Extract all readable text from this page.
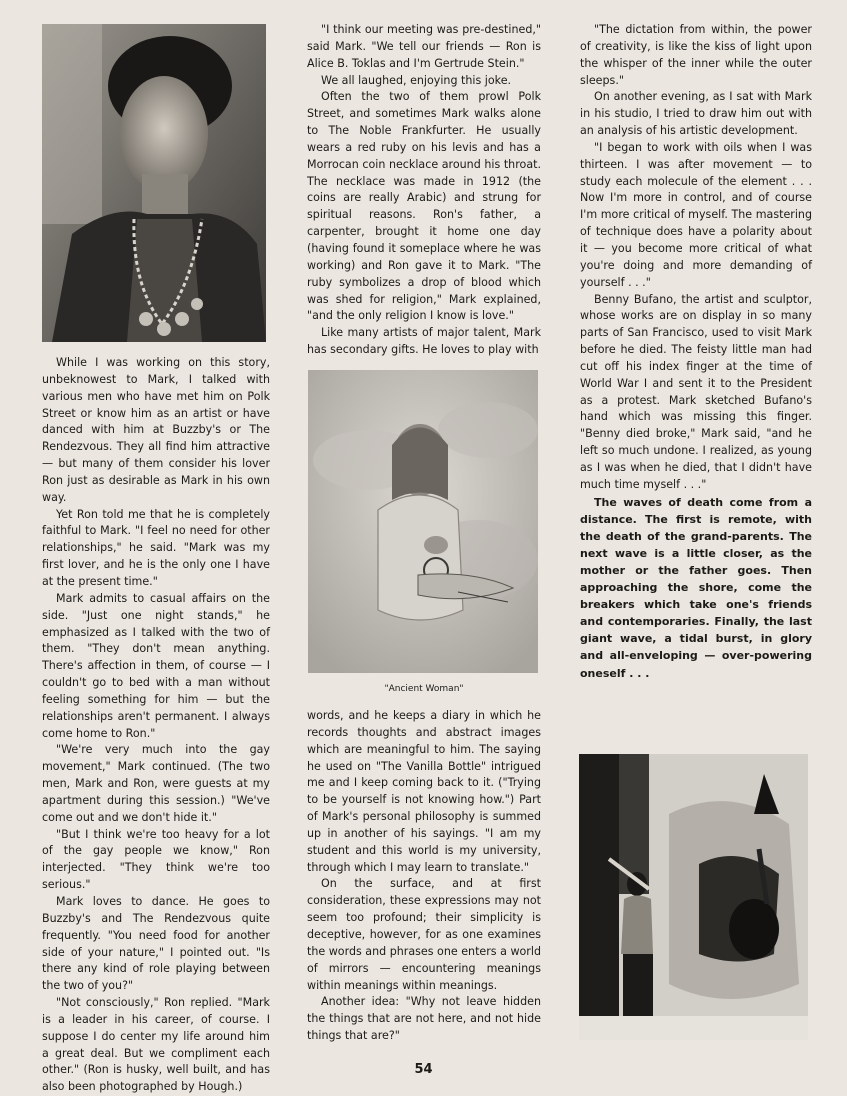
While I was working on this story, unbeknowest to Mark, I talked with various men who have met him on Polk Street or know him as an artist or have danced with him at Buzzby's or The Rendezvous. They all find him attractive — but many of them consider his lover Ron just as desirable as Mark in his own way.

Yet Ron told me that he is completely faithful to Mark. "I feel no need for other relationships," he said. "Mark was my first lover, and he is the only one I have at the present time."

Mark admits to casual affairs on the side. "Just one night stands," he emphasized as I talked with the two of them. "They don't mean anything. There's affection in them, of course — I couldn't go to bed with a man without feeling something for him — but the relationships aren't permanent. I always come home to Ron."

"We're very much into the gay movement," Mark continued. (The two men, Mark and Ron, were guests at my apartment during this session.) "We've come out and we don't hide it."

"But I think we're too heavy for a lot of the gay people we know," Ron interjected. "They think we're too serious."

Mark loves to dance. He goes to Buzzby's and The Rendezvous quite frequently. "You need food for another side of your nature," I pointed out. "Is there any kind of role playing between the two of you?"

"Not consciously," Ron replied. "Mark is a leader in his career, of course. I suppose I do center my life around him a great deal. But we compliment each other." (Ron is husky, well built, and has also been photographed by Hough.)

"I think our meeting was pre-destined," said Mark. "We tell our friends — Ron is Alice B. Toklas and I'm Gertrude Stein."

We all laughed, enjoying this joke.

Often the two of them prowl Polk Street, and sometimes Mark walks alone to The Noble Frankfurter. He usually wears a red ruby on his levis and has a Morrocan coin necklace around his throat. The necklace was made in 1912 (the coins are really Arabic) and strung for spiritual reasons. Ron's father, a carpenter, brought it home one day (having found it someplace where he was working) and Ron gave it to Mark. "The ruby symbolizes a drop of blood which was shed for religion," Mark explained, "and the only religion I know is love."

Like many artists of major talent, Mark has secondary gifts. He loves to play with

"Ancient Woman"

words, and he keeps a diary in which he records thoughts and abstract images which are meaningful to him. The saying he used on "The Vanilla Bottle" intrigued me and I keep coming back to it. ("Trying to be yourself is not knowing how.") Part of Mark's personal philosophy is summed up in another of his sayings. "I am my student and this world is my university, through which I may learn to translate."

On the surface, and at first consideration, these expressions may not seem too profound; their simplicity is deceptive, however, for as one examines the words and phrases one enters a world of mirrors — encountering meanings within meanings within meanings.

Another idea: "Why not leave hidden the things that are not here, and not hide things that are?"

"The dictation from within, the power of creativity, is like the kiss of light upon the whisper of the inner while the outer sleeps."

On another evening, as I sat with Mark in his studio, I tried to draw him out with an analysis of his artistic development.

"I began to work with oils when I was thirteen. I was after movement — to study each molecule of the element . . . Now I'm more in control, and of course I'm more critical of myself. The mastering of technique does have a polarity about it — you become more critical of what you're doing and more demanding of yourself . . ."

Benny Bufano, the artist and sculptor, whose works are on display in so many parts of San Francisco, used to visit Mark before he died. The feisty little man had cut off his index finger at the time of World War I and sent it to the President as a protest. Mark sketched Bufano's hand which was missing this finger. "Benny died broke," Mark said, "and he left so much undone. I realized, as young as I was when he died, that I didn't have much time myself . . ."

The waves of death come from a distance. The first is remote, with the death of the grand-parents. The next wave is a little closer, as the mother or the father goes. Then approaching the shore, come the breakers which take one's friends and contemporaries. Finally, the last giant wave, a tidal burst, in glory and all-enveloping — over-powering oneself . . .

54
